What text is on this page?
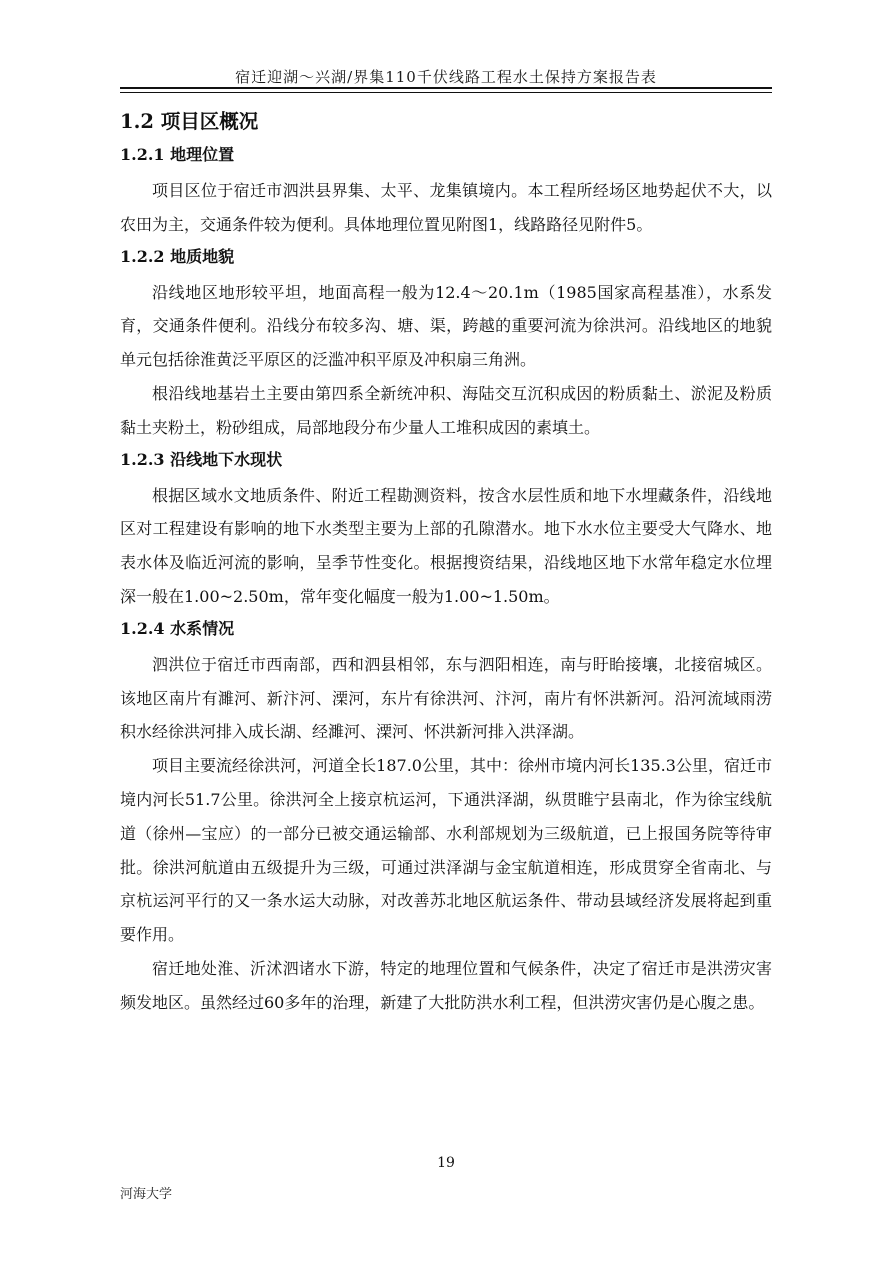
宿迁迎湖～兴湖/界集110千伏线路工程水土保持方案报告表
1.2 项目区概况
1.2.1 地理位置

项目区位于宿迁市泗洪县界集、太平、龙集镇境内。本工程所经场区地势起伏不大，以农田为主，交通条件较为便利。具体地理位置见附图1，线路路径见附件5。

1.2.2 地质地貌

沿线地区地形较平坦，地面高程一般为12.4～20.1m（1985国家高程基准），水系发育，交通条件便利。沿线分布较多沟、塘、渠，跨越的重要河流为徐洪河。沿线地区的地貌单元包括徐淮黄泛平原区的泛滥冲积平原及冲积扇三角洲。

根沿线地基岩土主要由第四系全新统冲积、海陆交互沉积成因的粉质黏土、淤泥及粉质黏土夹粉土，粉砂组成，局部地段分布少量人工堆积成因的素填土。

1.2.3 沿线地下水现状

根据区域水文地质条件、附近工程勘测资料，按含水层性质和地下水埋藏条件，沿线地区对工程建设有影响的地下水类型主要为上部的孔隙潜水。地下水水位主要受大气降水、地表水体及临近河流的影响，呈季节性变化。根据搜资结果，沿线地区地下水常年稳定水位埋深一般在1.00~2.50m，常年变化幅度一般为1.00~1.50m。

1.2.4 水系情况

泗洪位于宿迁市西南部，西和泗县相邻，东与泗阳相连，南与盱眙接壤，北接宿城区。该地区南片有濉河、新汴河、溧河，东片有徐洪河、汴河，南片有怀洪新河。沿河流域雨涝积水经徐洪河排入成长湖、经濉河、溧河、怀洪新河排入洪泽湖。

项目主要流经徐洪河，河道全长187.0公里，其中：徐州市境内河长135.3公里，宿迁市境内河长51.7公里。徐洪河全上接京杭运河，下通洪泽湖，纵贯睢宁县南北，作为徐宝线航道（徐州—宝应）的一部分已被交通运输部、水利部规划为三级航道，已上报国务院等待审批。徐洪河航道由五级提升为三级，可通过洪泽湖与金宝航道相连，形成贯穿全省南北、与京杭运河平行的又一条水运大动脉，对改善苏北地区航运条件、带动县域经济发展将起到重要作用。

宿迁地处淮、沂沭泗诸水下游，特定的地理位置和气候条件，决定了宿迁市是洪涝灾害频发地区。虽然经过60多年的治理，新建了大批防洪水利工程，但洪涝灾害仍是心腹之患。

19
河海大学
